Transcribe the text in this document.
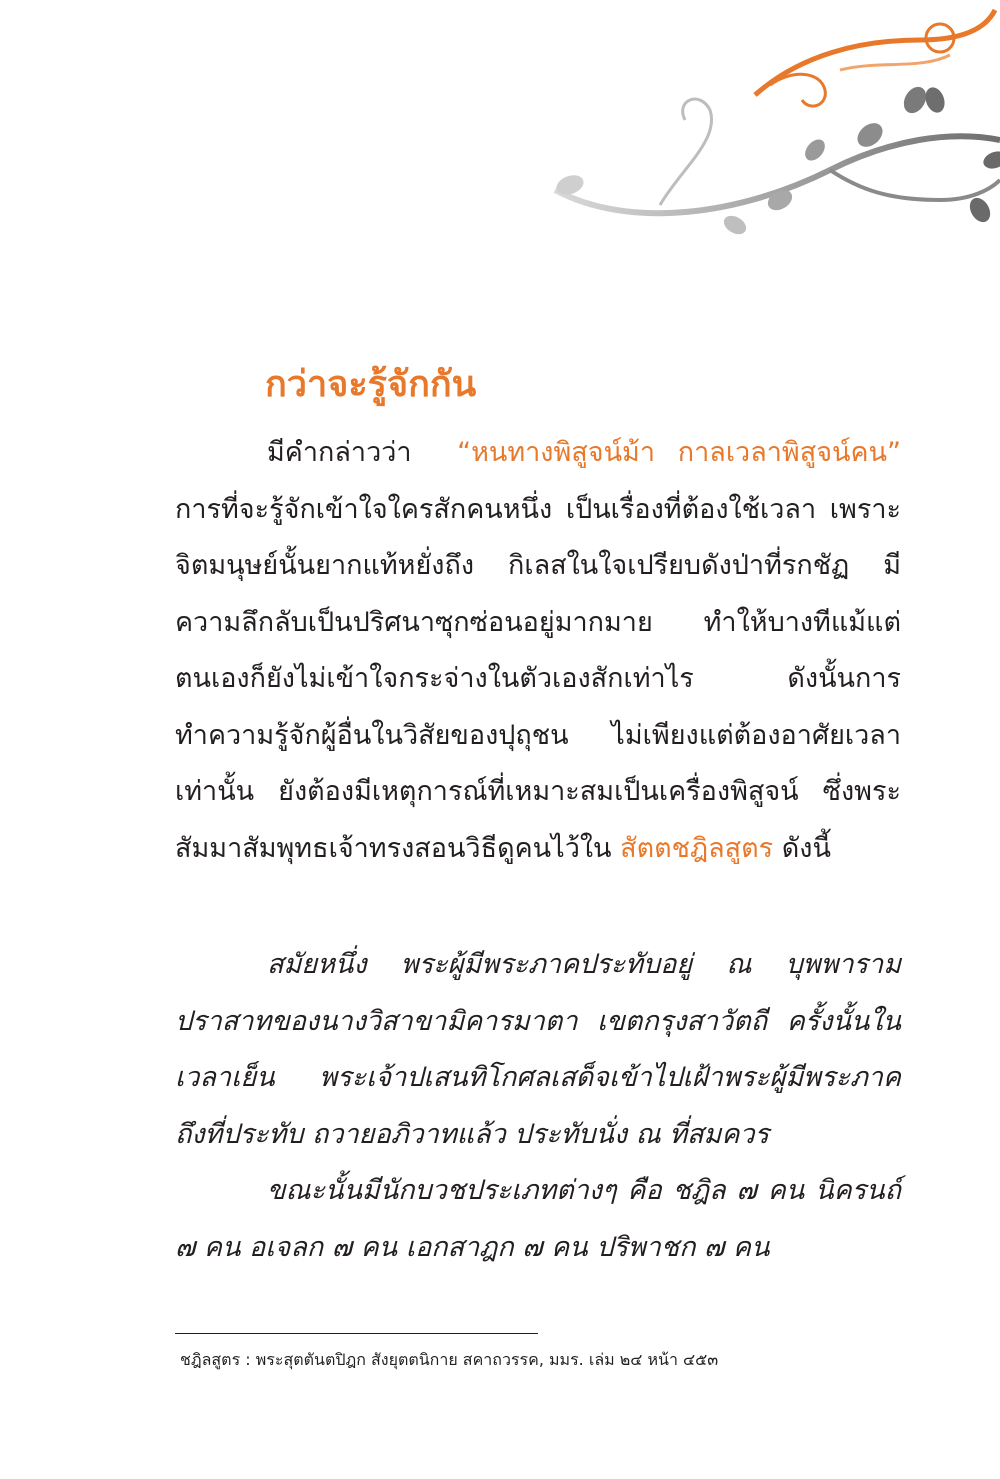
กว่าจะรู้จักกัน

มีคำกล่าวว่า “หนทางพิสูจน์ม้า กาลเวลาพิสูจน์คน” การที่จะรู้จักเข้าใจใครสักคนหนึ่ง เป็นเรื่องที่ต้องใช้เวลา เพราะจิตมนุษย์นั้นยากแท้หยั่งถึง กิเลสในใจเปรียบดังป่าที่รกชัฏ มีความลึกลับเป็นปริศนาซุกซ่อนอยู่มากมาย ทำให้บางทีแม้แต่ตนเองก็ยังไม่เข้าใจกระจ่างในตัวเองสักเท่าไร ดังนั้นการทำความรู้จักผู้อื่นในวิสัยของปุถุชน ไม่เพียงแต่ต้องอาศัยเวลาเท่านั้น ยังต้องมีเหตุการณ์ที่เหมาะสมเป็นเครื่องพิสูจน์ ซึ่งพระสัมมาสัมพุทธเจ้าทรงสอนวิธีดูคนไว้ใน สัตตชฎิลสูตร ดังนี้

สมัยหนึ่ง พระผู้มีพระภาคประทับอยู่ ณ บุพพาราม ปราสาทของนางวิสาขามิคารมาตา เขตกรุงสาวัตถี ครั้งนั้นในเวลาเย็น พระเจ้าปเสนทิโกศลเสด็จเข้าไปเฝ้าพระผู้มีพระภาคถึงที่ประทับ ถวายอภิวาทแล้ว ประทับนั่ง ณ ที่สมควร

ขณะนั้นมีนักบวชประเภทต่างๆ คือ ชฎิล ๗ คน นิครนถ์ ๗ คน อเจลก ๗ คน เอกสาฎก ๗ คน ปริพาชก ๗ คน

ชฎิลสูตร : พระสุตตันตปิฎก สังยุตตนิกาย สคาถวรรค, มมร. เล่ม ๒๔ หน้า ๔๕๓
